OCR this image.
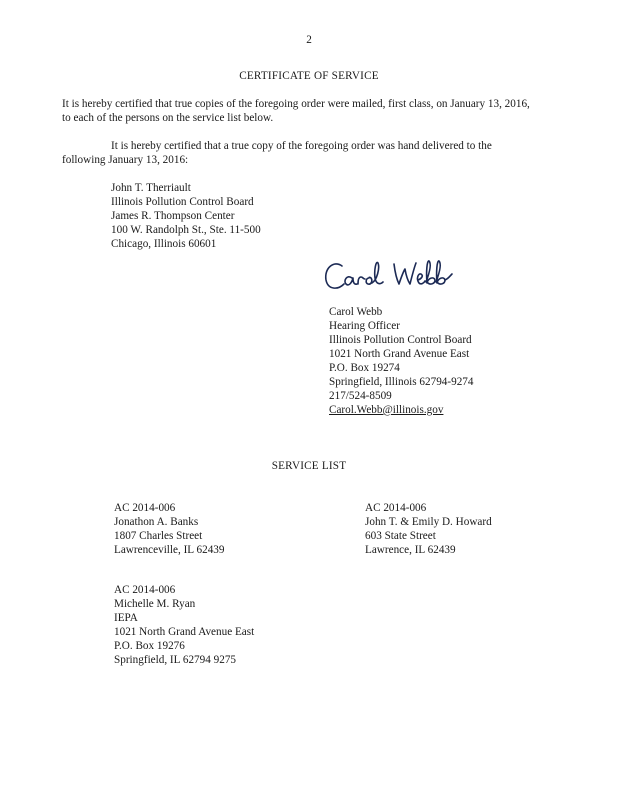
2
CERTIFICATE OF SERVICE
It is hereby certified that true copies of the foregoing order were mailed, first class, on January 13, 2016, to each of the persons on the service list below.
It is hereby certified that a true copy of the foregoing order was hand delivered to the following January 13, 2016:
John T. Therriault
Illinois Pollution Control Board
James R. Thompson Center
100 W. Randolph St., Ste. 11-500
Chicago, Illinois 60601
Carol Webb
Hearing Officer
Illinois Pollution Control Board
1021 North Grand Avenue East
P.O. Box 19274
Springfield, Illinois 62794-9274
217/524-8509
Carol.Webb@illinois.gov
SERVICE LIST
AC 2014-006
Jonathon A. Banks
1807 Charles Street
Lawrenceville, IL 62439
AC 2014-006
John T. & Emily D. Howard
603 State Street
Lawrence, IL 62439
AC 2014-006
Michelle M. Ryan
IEPA
1021 North Grand Avenue East
P.O. Box 19276
Springfield, IL 62794 9275
